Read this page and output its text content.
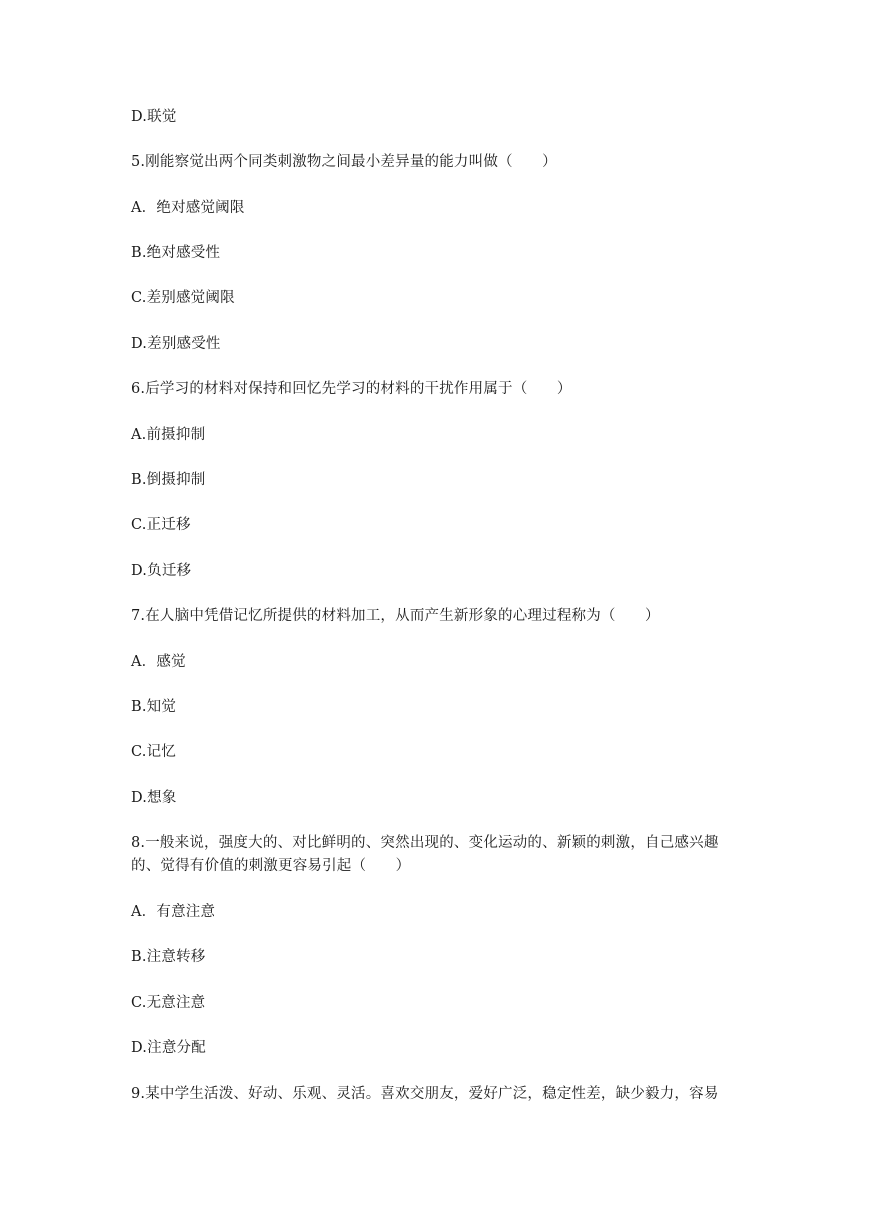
D.联觉
5.刚能察觉出两个同类刺激物之间最小差异量的能力叫做（　　）
A．绝对感觉阈限
B.绝对感受性
C.差别感觉阈限
D.差别感受性
6.后学习的材料对保持和回忆先学习的材料的干扰作用属于（　　）
A.前摄抑制
B.倒摄抑制
C.正迁移
D.负迁移
7.在人脑中凭借记忆所提供的材料加工，从而产生新形象的心理过程称为（　　）
A．感觉
B.知觉
C.记忆
D.想象
8.一般来说，强度大的、对比鲜明的、突然出现的、变化运动的、新颖的刺激，自己感兴趣的、觉得有价值的刺激更容易引起（　　）
A．有意注意
B.注意转移
C.无意注意
D.注意分配
9.某中学生活泼、好动、乐观、灵活。喜欢交朋友，爱好广泛，稳定性差，缺少毅力，容易
